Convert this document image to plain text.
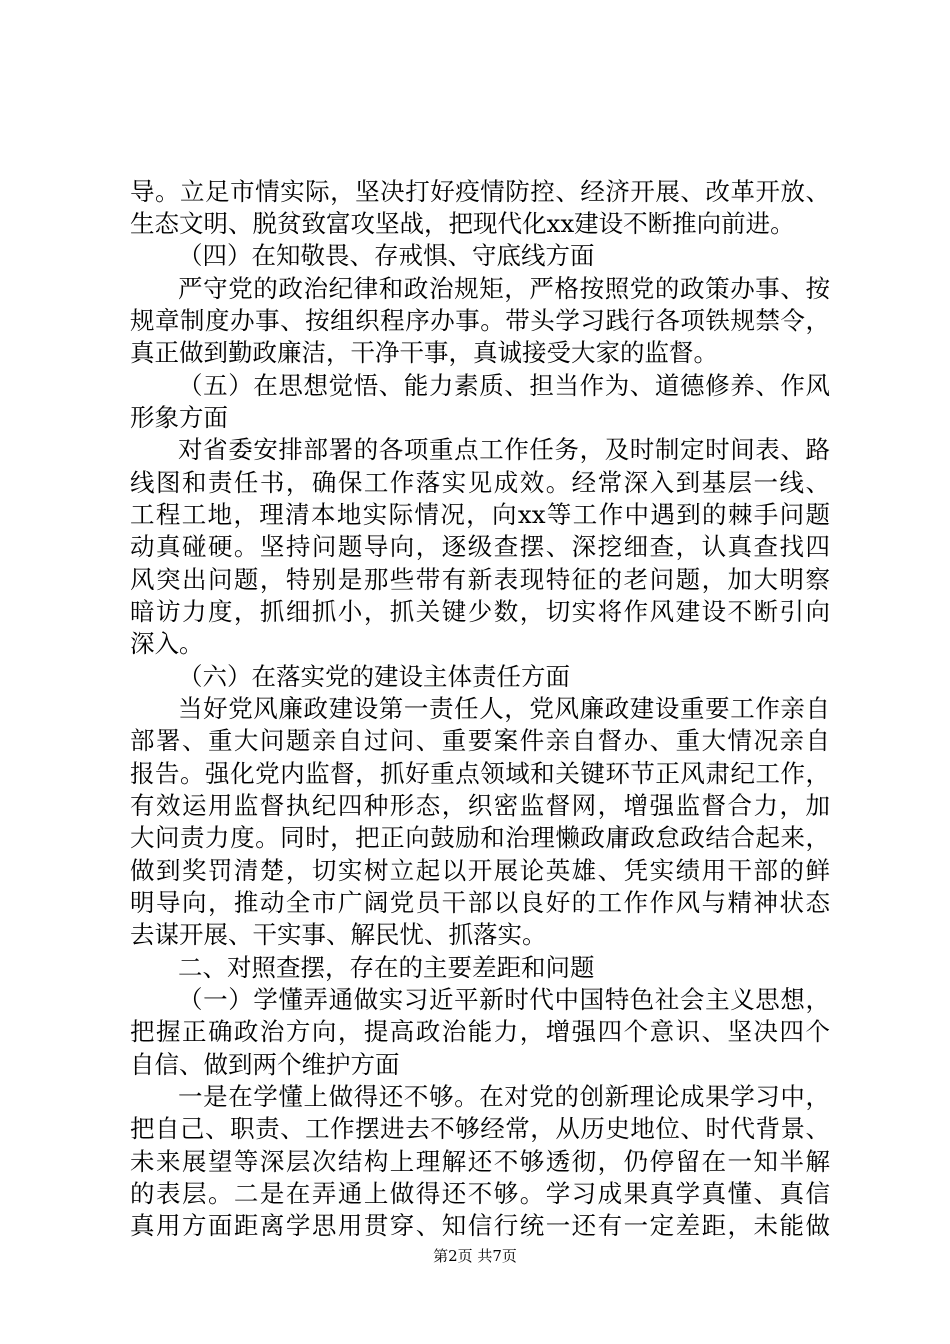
导。立足市情实际，坚决打好疫情防控、经济开展、改革开放、
生态文明、脱贫致富攻坚战，把现代化xx建设不断推向前进。
（四）在知敬畏、存戒惧、守底线方面
严守党的政治纪律和政治规矩，严格按照党的政策办事、按
规章制度办事、按组织程序办事。带头学习践行各项铁规禁令，
真正做到勤政廉洁，干净干事，真诚接受大家的监督。
（五）在思想觉悟、能力素质、担当作为、道德修养、作风
形象方面
对省委安排部署的各项重点工作任务，及时制定时间表、路
线图和责任书，确保工作落实见成效。经常深入到基层一线、
工程工地，理清本地实际情况，向xx等工作中遇到的棘手问题
动真碰硬。坚持问题导向，逐级查摆、深挖细查，认真查找四
风突出问题，特别是那些带有新表现特征的老问题，加大明察
暗访力度，抓细抓小，抓关键少数，切实将作风建设不断引向
深入。
（六）在落实党的建设主体责任方面
当好党风廉政建设第一责任人，党风廉政建设重要工作亲自
部署、重大问题亲自过问、重要案件亲自督办、重大情况亲自
报告。强化党内监督，抓好重点领域和关键环节正风肃纪工作，
有效运用监督执纪四种形态，织密监督网，增强监督合力，加
大问责力度。同时，把正向鼓励和治理懒政庸政怠政结合起来，
做到奖罚清楚，切实树立起以开展论英雄、凭实绩用干部的鲜
明导向，推动全市广阔党员干部以良好的工作作风与精神状态
去谋开展、干实事、解民忧、抓落实。
二、对照查摆，存在的主要差距和问题
（一）学懂弄通做实习近平新时代中国特色社会主义思想，
把握正确政治方向，提高政治能力，增强四个意识、坚决四个
自信、做到两个维护方面
一是在学懂上做得还不够。在对党的创新理论成果学习中，
把自己、职责、工作摆进去不够经常，从历史地位、时代背景、
未来展望等深层次结构上理解还不够透彻，仍停留在一知半解
的表层。二是在弄通上做得还不够。学习成果真学真懂、真信
真用方面距离学思用贯穿、知信行统一还有一定差距，未能做
第2页 共7页
